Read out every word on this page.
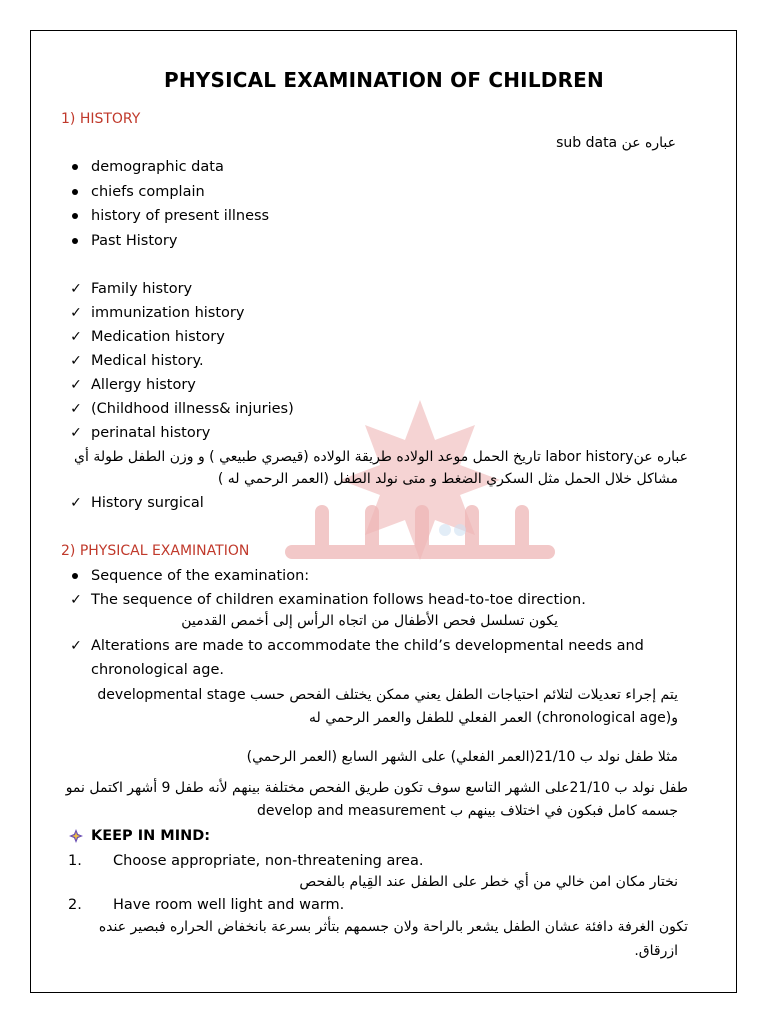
PHYSICAL EXAMINATION OF CHILDREN
1) HISTORY
sub data عباره عن
demographic data
chiefs complain
history of present illness
Past History
✓ Family history
✓ immunization history
✓ Medication history
✓ Medical history.
✓ Allergy history
✓ (Childhood illness& injuries)
✓ perinatal history
عباره عنlabor history تاريخ الحمل موعد الولاده طريقة الولاده (قيصري طبيعي ) و وزن الطفل طولة أي
مشاكل خلال الحمل مثل السكري الضغط و متى نولد الطفل (العمر الرحمي له )
✓ History surgical
2) PHYSICAL EXAMINATION
Sequence of the examination:
✓ The sequence of children examination follows head-to-toe direction.
يكون تسلسل فحص الأطفال من اتجاه الرأس إلى أخمص القدمين
✓ Alterations are made to accommodate the child’s developmental needs and
chronological age.
يتم إجراء تعديلات لتلائم احتياجات الطفل يعني ممكن يختلف الفحص حسب developmental stage
و(chronological age) العمر الفعلي للطفل والعمر الرحمي له
مثلا طفل نولد ب 21/10(العمر الفعلي) على الشهر السابع (العمر الرحمي)
طفل نولد ب 21/10على الشهر التاسع سوف تكون طريق الفحص مختلفة بينهم لأنه طفل 9 أشهر اكتمل نمو
جسمه كامل فبكون في اختلاف بينهم ب develop and measurement
KEEP IN MIND:
1. Choose appropriate, non-threatening area.
نختار مكان امن خالي من أي خطر على الطفل عند القِيام بالفحص
2. Have room well light and warm.
تكون الغرفة دافئة عشان الطفل يشعر بالراحة ولان جسمهم بتأثر بسرعة بانخفاض الحراره فبصير عنده
ازرقاق.
